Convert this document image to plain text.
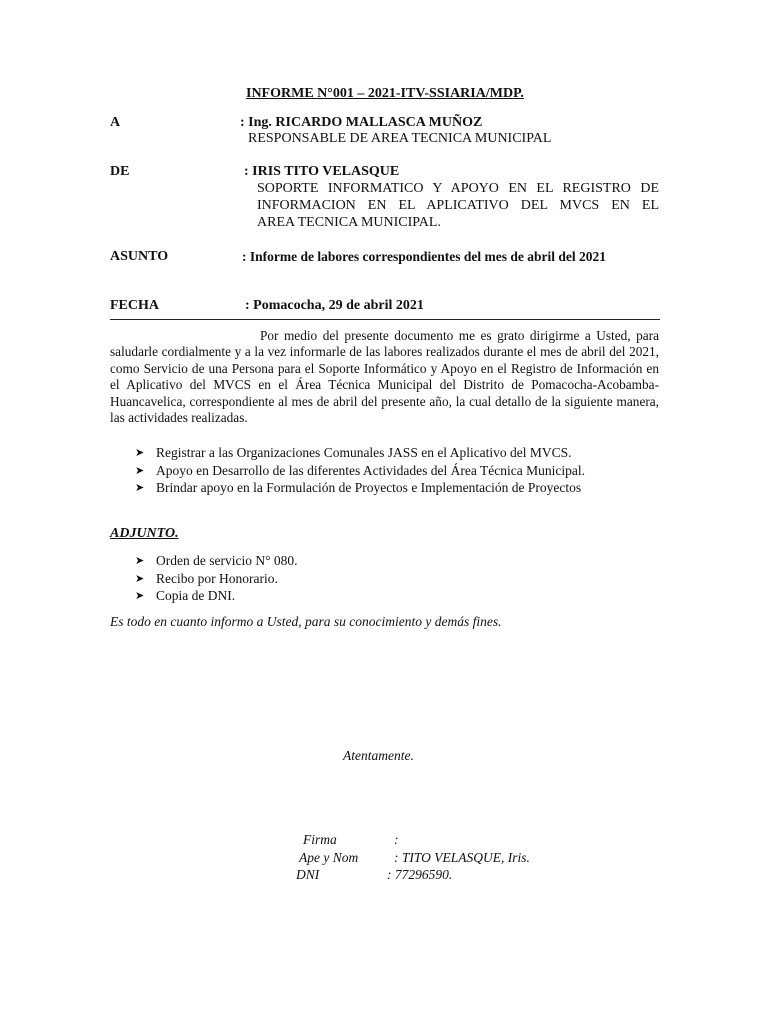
INFORME N°001 – 2021-ITV-SSIARIA/MDP.
A	: Ing. RICARDO MALLASCA MUÑOZ
RESPONSABLE DE AREA TECNICA MUNICIPAL
DE	: IRIS TITO VELASQUE
SOPORTE INFORMATICO Y APOYO EN EL REGISTRO DE
INFORMACION EN EL APLICATIVO DEL MVCS EN EL
AREA TECNICA MUNICIPAL.
ASUNTO	: Informe de labores correspondientes del mes de abril del 2021
FECHA	: Pomacocha, 29 de abril 2021
Por medio del presente documento me es grato dirigirme a Usted, para saludarle cordialmente y a la vez informarle de las labores realizados durante el mes de abril del 2021, como Servicio de una Persona para el Soporte Informático y Apoyo en el Registro de Información en el Aplicativo del MVCS en el Área Técnica Municipal del Distrito de Pomacocha-Acobamba-Huancavelica, correspondiente al mes de abril del presente año, la cual detallo de la siguiente manera, las actividades realizadas.
➤ Registrar a las Organizaciones Comunales JASS en el Aplicativo del MVCS.
➤ Apoyo en Desarrollo de las diferentes Actividades del Área Técnica Municipal.
➤ Brindar apoyo en la Formulación de Proyectos e Implementación de Proyectos
ADJUNTO.
➤ Orden de servicio N° 080.
➤ Recibo por Honorario.
➤ Copia de DNI.
Es todo en cuanto informo a Usted, para su conocimiento y demás fines.
Atentamente.
Firma	:
Ape y Nom	: TITO VELASQUE, Iris.
DNI	: 77296590.
